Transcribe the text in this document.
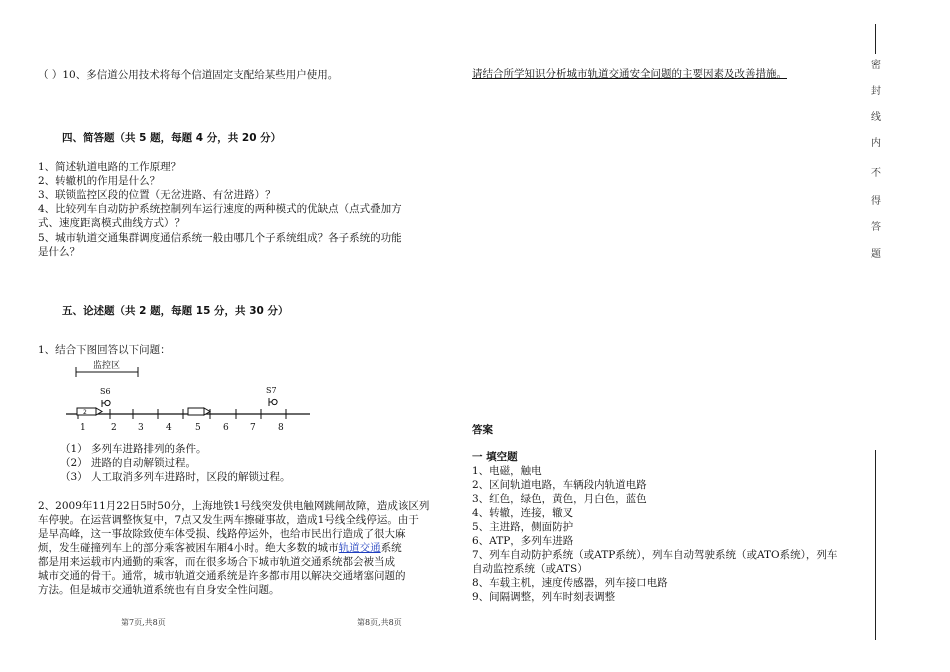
（ ）10、多信道公用技术将每个信道固定支配给某些用户使用。
四、简答题（共 5 题，每题 4 分，共 20 分）
1、简述轨道电路的工作原理？
2、转辙机的作用是什么？
3、联锁监控区段的位置（无岔进路、有岔进路）？
4、比较列车自动防护系统控制列车运行速度的两种模式的优缺点（点式叠加方
式、速度距离模式曲线方式）？
5、城市轨道交通集群调度通信系统一般由哪几个子系统组成？各子系统的功能
是什么？
五、论述题（共 2 题，每题 15 分，共 30 分）
1、结合下图回答以下问题：
监控区
S6	S7
2
1	2 3 4	5 6 7 8
（1） 多列车进路排列的条件。
（2） 进路的自动解锁过程。
（3） 人工取消多列车进路时，区段的解锁过程。
2、2009年11月22日5时50分，上海地铁1号线突发供电触网跳闸故障，造成该区列
车停驶。在运营调整恢复中，7点又发生两车擦碰事故，造成1号线全线停运。由于
是早高峰，这一事故除致使车体受损、线路停运外，也给市民出行造成了很大麻
烦，发生碰撞列车上的部分乘客被困车厢4小时。绝大多数的城市轨道交通系统
都是用来运载市内通勤的乘客，而在很多场合下城市轨道交通系统都会被当成
城市交通的骨干。通常，城市轨道交通系统是许多都市用以解决交通堵塞问题的
方法。但是城市交通轨道系统也有自身安全性问题。
第7页,共8页
请结合所学知识分析城市轨道交通安全问题的主要因素及改善措施。
答案
一 填空题
1、电磁，触电
2、区间轨道电路，车辆段内轨道电路
3、红色，绿色，黄色，月白色，蓝色
4、转辙，连接，辙叉
5、主进路，侧面防护
6、ATP，多列车进路
7、列车自动防护系统（或ATP系统），列车自动驾驶系统（或ATO系统），列车
自动监控系统（或ATS）
8、车载主机，速度传感器，列车接口电路
9、间隔调整，列车时刻表调整
第8页,共8页
密
封
线
内
不
得
答
题
